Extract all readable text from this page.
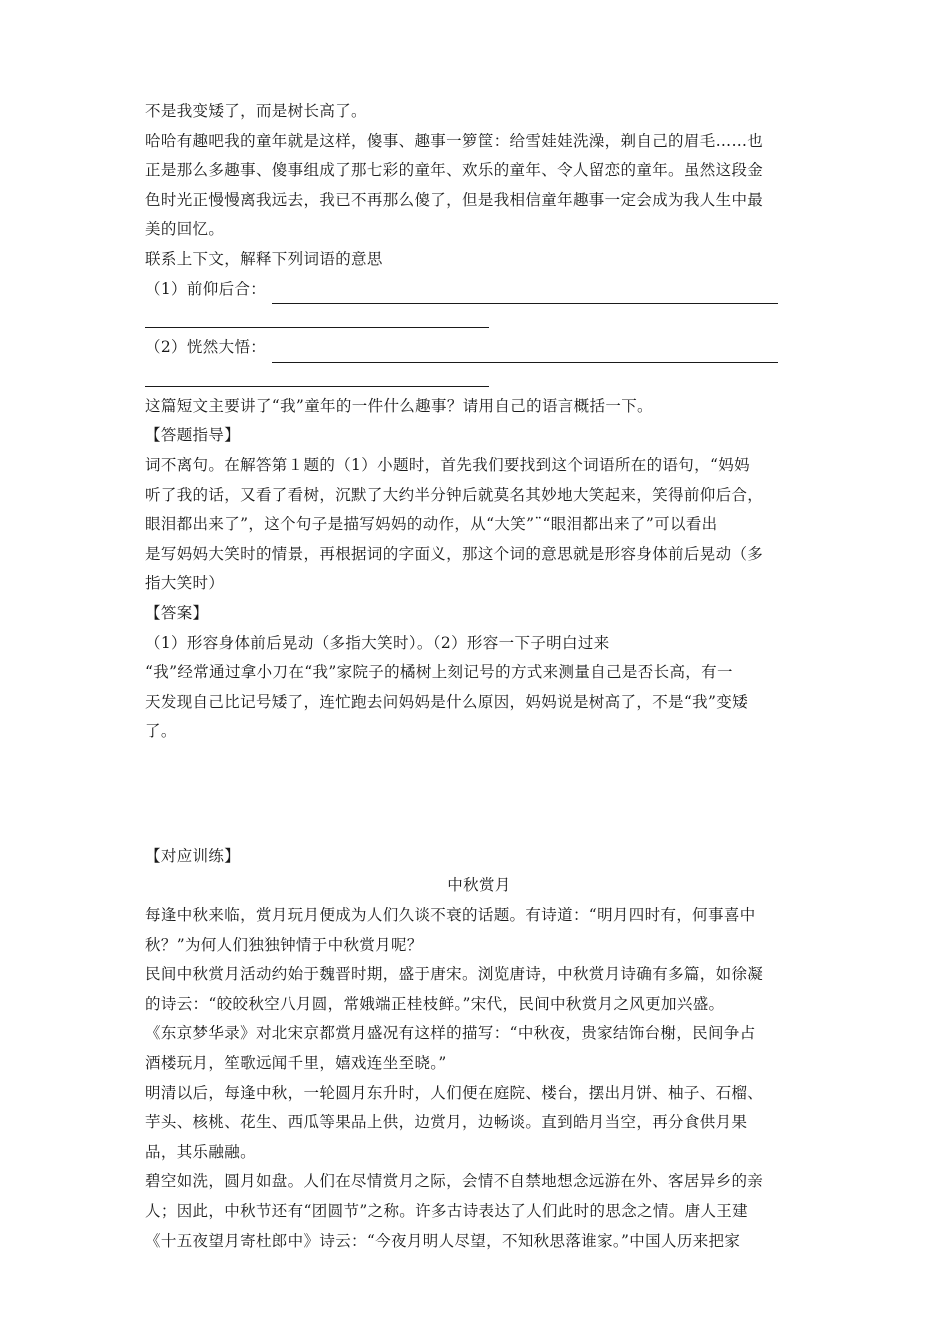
不是我变矮了，而是树长高了。
哈哈有趣吧我的童年就是这样，傻事、趣事一箩筐：给雪娃娃洗澡，剃自己的眉毛……也
正是那么多趣事、傻事组成了那七彩的童年、欢乐的童年、令人留恋的童年。虽然这段金
色时光正慢慢离我远去，我已不再那么傻了，但是我相信童年趣事一定会成为我人生中最
美的回忆。
联系上下文，解释下列词语的意思
（1）前仰后合：
（2）恍然大悟：
这篇短文主要讲了“我”童年的一件什么趣事？请用自己的语言概括一下。
【答题指导】
词不离句。在解答第１题的（1）小题时，首先我们要找到这个词语所在的语句，“妈妈
听了我的话，又看了看树，沉默了大约半分钟后就莫名其妙地大笑起来，笑得前仰后合，
眼泪都出来了”，这个句子是描写妈妈的动作，从“大笑”¨“眼泪都出来了”可以看出
是写妈妈大笑时的情景，再根据词的字面义，那这个词的意思就是形容身体前后晃动（多
指大笑时）
【答案】
（1）形容身体前后晃动（多指大笑时）。（2）形容一下子明白过来
“我”经常通过拿小刀在“我”家院子的橘树上刻记号的方式来测量自己是否长高，有一
天发现自己比记号矮了，连忙跑去问妈妈是什么原因，妈妈说是树高了，不是“我”变矮
了。
【对应训练】
中秋赏月
每逢中秋来临，赏月玩月便成为人们久谈不衰的话题。有诗道：“明月四时有，何事喜中
秋？”为何人们独独钟情于中秋赏月呢？
民间中秋赏月活动约始于魏晋时期，盛于唐宋。浏览唐诗，中秋赏月诗确有多篇，如徐凝
的诗云：“皎皎秋空八月圆，常娥端正桂枝鲜。”宋代，民间中秋赏月之风更加兴盛。
《东京梦华录》对北宋京都赏月盛况有这样的描写：“中秋夜，贵家结饰台榭，民间争占
酒楼玩月，笙歌远闻千里，嬉戏连坐至晓。”
明清以后，每逢中秋，一轮圆月东升时，人们便在庭院、楼台，摆出月饼、柚子、石榴、
芋头、核桃、花生、西瓜等果品上供，边赏月，边畅谈。直到皓月当空，再分食供月果
品，其乐融融。
碧空如洗，圆月如盘。人们在尽情赏月之际，会情不自禁地想念远游在外、客居异乡的亲
人；因此，中秋节还有“团圆节”之称。许多古诗表达了人们此时的思念之情。唐人王建
《十五夜望月寄杜郎中》诗云：“今夜月明人尽望，不知秋思落谁家。”中国人历来把家
